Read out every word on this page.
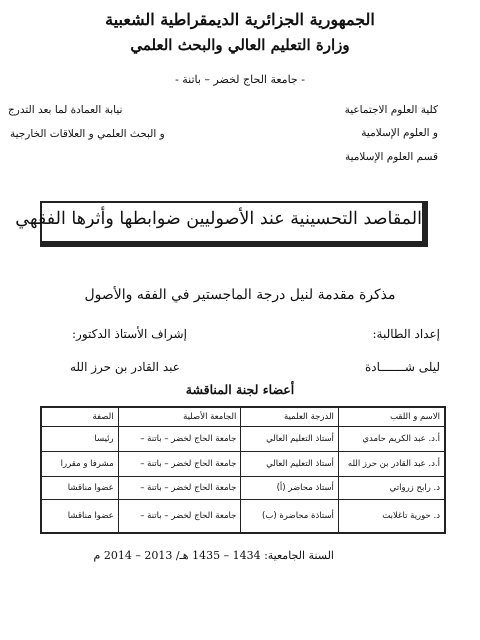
الجمهورية الجزائرية الديمقراطية الشعبية
وزارة التعليم العالي والبحث العلمي
- جامعة الحاج لخضر – باتنة -
كلية العلوم الاجتماعية
نيابة العمادة لما بعد التدرج
و العلوم الإسلامية
و البحث العلمي و العلاقات الخارجية
قسم العلوم الإسلامية
المقاصد التحسينية عند الأصوليين ضوابطها وأثرها الفقهي
مذكرة مقدمة لنيل درجة الماجستير في الفقه والأصول
إعداد الطالبة:
إشراف الأستاذ الدكتور:
ليلى شـــــــادة
عبد القادر بن حرز الله
أعضاء لجنة المناقشة
الاسم و اللقب	الدرجة العلمية	الجامعة الأصلية	الصفة
أ.د. عبد الكريم حامدي	أستاذ التعليم العالي	جامعة الحاج لخضر – باتنة –	رئيسا
أ.د. عبد القادر بن حرز الله	أستاذ التعليم العالي	جامعة الحاج لخضر – باتنة –	مشرفا و مقررا
د. رابح زرواتي	أستاذ محاضر (أ)	جامعة الحاج لخضر – باتنة –	عضوا مناقشا
د. حورية تاغلابت	أستاذة محاضرة (ب)	جامعة الحاج لخضر – باتنة –	عضوا مناقشا
السنة الجامعية: 1434 – 1435 هـ/ 2013 – 2014 م
